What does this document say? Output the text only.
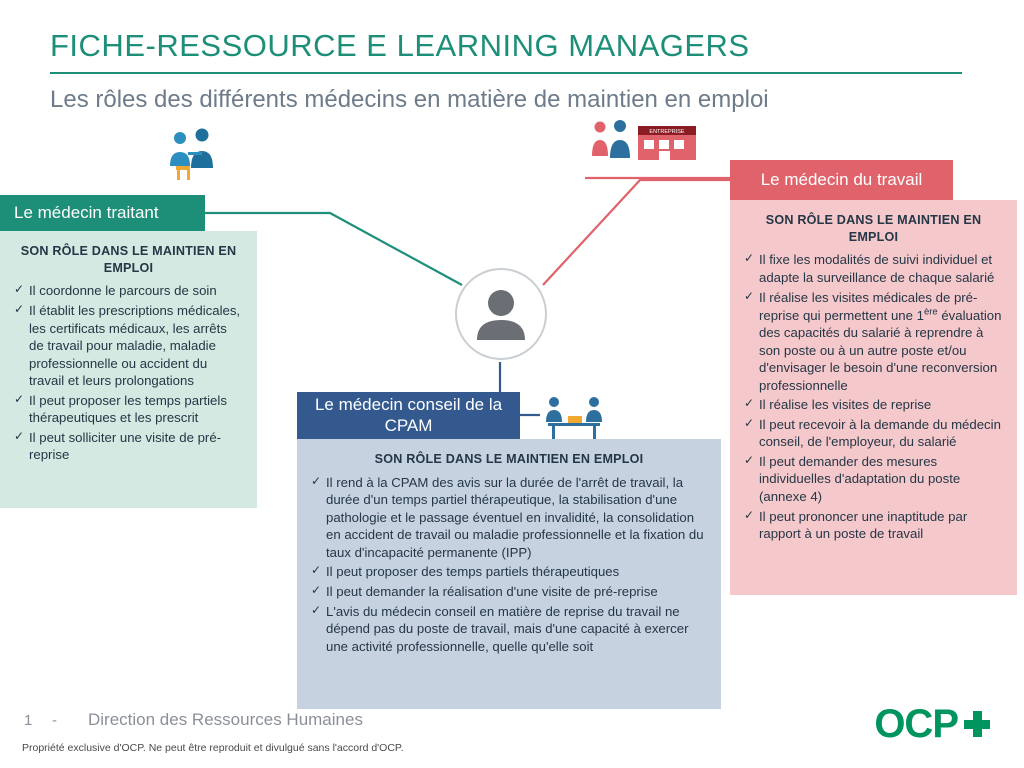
FICHE-RESSOURCE E LEARNING MANAGERS
Les rôles des différents médecins en matière de maintien en emploi
ENTREPRISE
Le médecin traitant
SON RÔLE DANS LE MAINTIEN EN EMPLOI
✓ Il coordonne le parcours de soin
✓ Il établit les prescriptions médicales, les certificats médicaux, les arrêts de travail pour maladie, maladie professionnelle ou accident du travail et leurs prolongations
✓ Il peut proposer les temps partiels thérapeutiques et les prescrit
✓ Il peut solliciter une visite de pré-reprise
Le médecin du travail
SON RÔLE DANS LE MAINTIEN EN EMPLOI
✓ Il fixe les modalités de suivi individuel et adapte la surveillance de chaque salarié
✓ Il réalise les visites médicales de pré-reprise qui permettent une 1ère évaluation des capacités du salarié à reprendre à son poste ou à un autre poste et/ou d'envisager le besoin d'une reconversion professionnelle
✓ Il réalise les visites de reprise
✓ Il peut recevoir à la demande du médecin conseil, de l'employeur, du salarié
✓ Il peut demander des mesures individuelles d'adaptation du poste (annexe 4)
✓ Il peut prononcer une inaptitude par rapport à un poste de travail
Le médecin conseil de la CPAM
SON RÔLE DANS LE MAINTIEN EN EMPLOI
✓ Il rend à la CPAM des avis sur la durée de l'arrêt de travail, la durée d'un temps partiel thérapeutique, la stabilisation d'une pathologie et le passage éventuel en invalidité, la consolidation en accident de travail ou maladie professionnelle et la fixation du taux d'incapacité permanente (IPP)
✓ Il peut proposer des temps partiels thérapeutiques
✓ Il peut demander la réalisation d'une visite de pré-reprise
✓ L'avis du médecin conseil en matière de reprise du travail ne dépend pas du poste de travail, mais d'une capacité à exercer une activité professionnelle, quelle qu'elle soit
1 - Direction des Ressources Humaines
Propriété exclusive d'OCP. Ne peut être reproduit et divulgué sans l'accord d'OCP.
OCP
